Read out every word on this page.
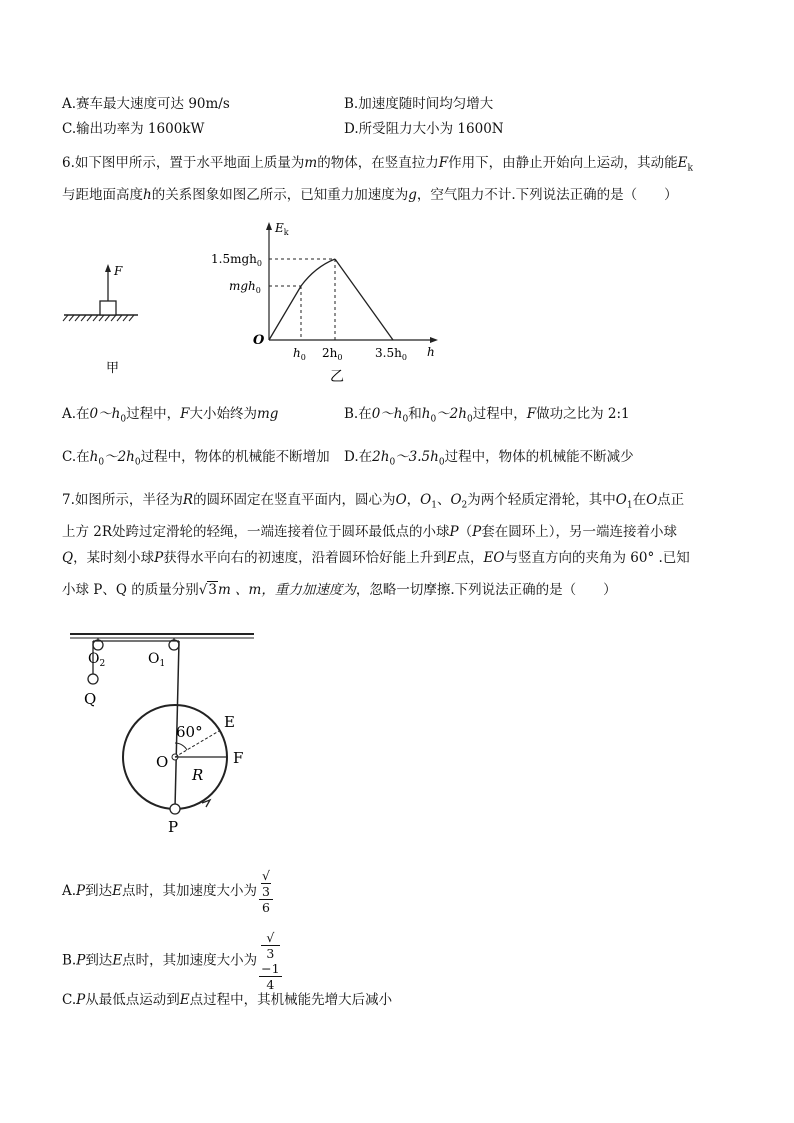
A.赛车最大速度可达 90m/s	B.加速度随时间均匀增大
C.输出功率为 1600kW	D.所受阻力大小为 1600N
6.如下图甲所示，置于水平地面上质量为m的物体，在竖直拉力F作用下，由静止开始向上运动，其动能$E_k$
与距地面高度h的关系图象如图乙所示，已知重力加速度为g，空气阻力不计.下列说法正确的是（　　）
F
甲
$E_k$
1.5mgh$_0$
mgh$_0$
O
$h_0$ $2h_0$	$3.5h_0$ h
乙
A.在$0\sim h_0$过程中，F大小始终为mg	B.在$0\sim h_0$和$h_0\sim 2h_0$过程中，F做功之比为 2:1
C.在$h_0\sim 2h_0$过程中，物体的机械能不断增加 D.在$2h_0\sim 3.5h_0$过程中，物体的机械能不断减少
7.如图所示，半径为R的圆环固定在竖直平面内，圆心为O，$O_1$、$O_2$为两个轻质定滑轮，其中$O_1$在O点正
上方 2R处跨过定滑轮的轻绳，一端连接着位于圆环最低点的小球P（P套在圆环上），另一端连接着小球
Q，某时刻小球P获得水平向右的初速度，沿着圆环恰好能上升到E点，EO与竖直方向的夹角为 60° .已知
小球 P、Q 的质量分别√3m 、m，重力加速度为，忽略一切摩擦.下列说法正确的是（　　）
$O_2$	$O_1$
Q
60°
E
O
R
F
P
A.P到达E点时，其加速度大小为 √
3
6
B.P到达E点时，其加速度大小为 √
3
−1
4
C.P从最低点运动到E点过程中，其机械能先增大后减小
